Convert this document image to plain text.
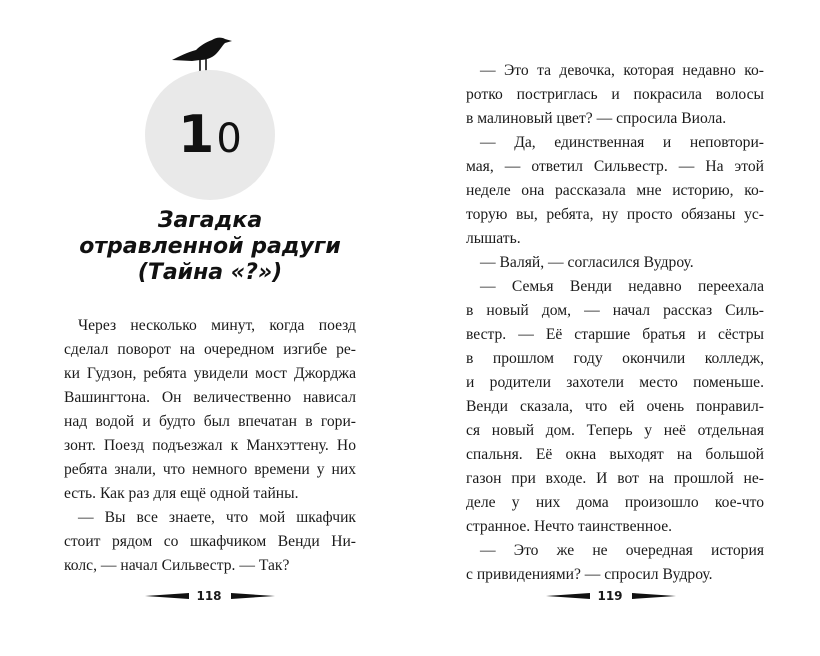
10
Загадка
отравленной радуги
(Тайна «?»)
Через несколько минут, когда поезд
сделал поворот на очередном изгибе ре-
ки Гудзон, ребята увидели мост Джорджа
Вашингтона. Он величественно нависал
над водой и будто был впечатан в гори-
зонт. Поезд подъезжал к Манхэттену. Но
ребята знали, что немного времени у них
есть. Как раз для ещё одной тайны.
— Вы все знаете, что мой шкафчик
стоит рядом со шкафчиком Венди Ни-
колс, — начал Сильвестр. — Так?
118
— Это та девочка, которая недавно ко-
ротко постриглась и покрасила волосы
в малиновый цвет? — спросила Виола.
— Да, единственная и неповтори-
мая, — ответил Сильвестр. — На этой
неделе она рассказала мне историю, ко-
торую вы, ребята, ну просто обязаны ус-
лышать.
— Валяй, — согласился Вудроу.
— Семья Венди недавно переехала
в новый дом, — начал рассказ Силь-
вестр. — Её старшие братья и сёстры
в прошлом году окончили колледж,
и родители захотели место поменьше.
Венди сказала, что ей очень понравил-
ся новый дом. Теперь у неё отдельная
спальня. Её окна выходят на большой
газон при входе. И вот на прошлой не-
деле у них дома произошло кое-что
странное. Нечто таинственное.
— Это же не очередная история
с привидениями? — спросил Вудроу.
119
